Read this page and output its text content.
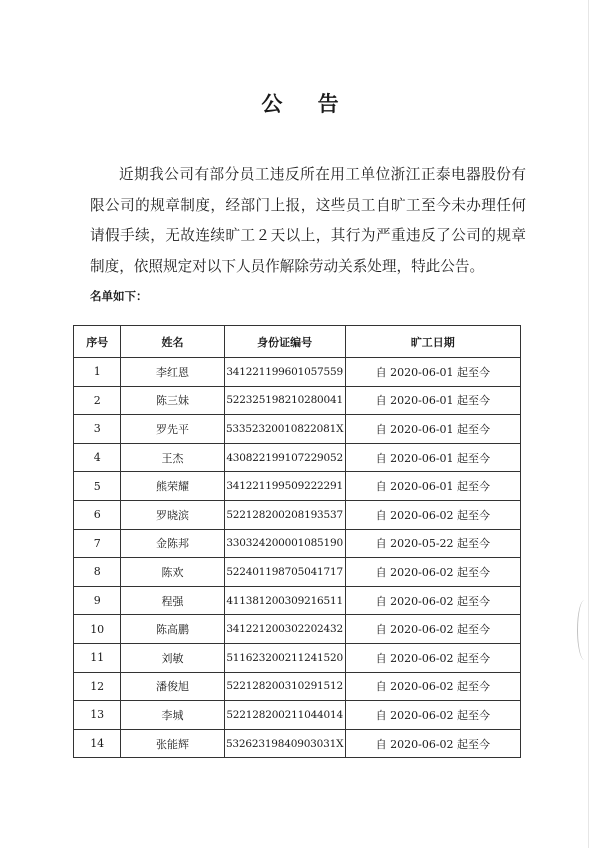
公 告
近期我公司有部分员工违反所在用工单位浙江正泰电器股份有限公司的规章制度，经部门上报，这些员工自旷工至今未办理任何请假手续，无故连续旷工２天以上，其行为严重违反了公司的规章制度，依照规定对以下人员作解除劳动关系处理，特此公告。
名单如下：
序号	姓名	身份证编号	旷工日期
1	李红恩	341221199601057559	自 2020-06-01 起至今
2	陈三妹	522325198210280041	自 2020-06-01 起至今
3	罗先平	53352320010822081X	自 2020-06-01 起至今
4	王杰	430822199107229052	自 2020-06-01 起至今
5	熊荣耀	341221199509222291	自 2020-06-01 起至今
6	罗晓滨	522128200208193537	自 2020-06-02 起至今
7	金陈邦	330324200001085190	自 2020-05-22 起至今
8	陈欢	522401198705041717	自 2020-06-02 起至今
9	程强	411381200309216511	自 2020-06-02 起至今
10	陈高鹏	341221200302202432	自 2020-06-02 起至今
11	刘敏	511623200211241520	自 2020-06-02 起至今
12	潘俊旭	522128200310291512	自 2020-06-02 起至今
13	李城	522128200211044014	自 2020-06-02 起至今
14	张能辉	53262319840903031X	自 2020-06-02 起至今
